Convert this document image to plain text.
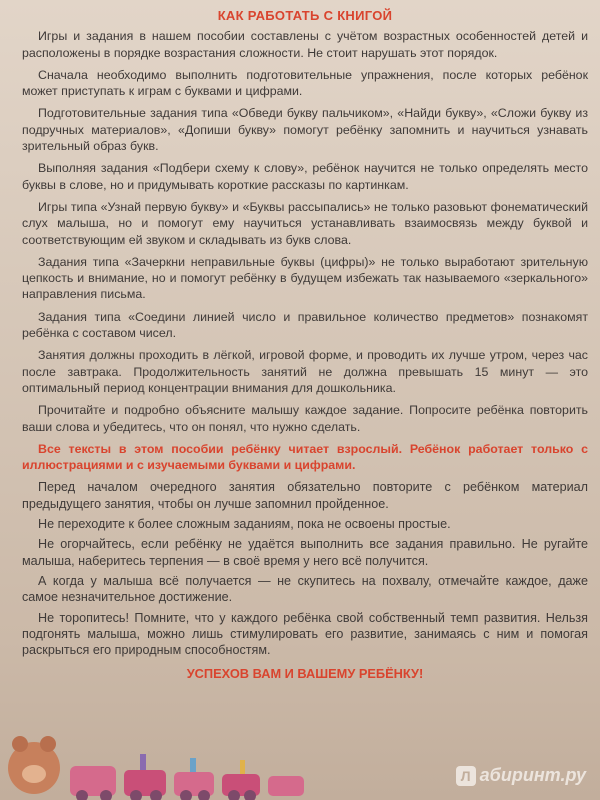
КАК РАБОТАТЬ С КНИГОЙ

Игры и задания в нашем пособии составлены с учётом возрастных особенностей детей и расположены в порядке возрастания сложности. Не стоит нарушать этот порядок.

Сначала необходимо выполнить подготовительные упражнения, после которых ребёнок может приступать к играм с буквами и цифрами.

Подготовительные задания типа «Обведи букву пальчиком», «Найди букву», «Сложи букву из подручных материалов», «Допиши букву» помогут ребёнку запомнить и научиться узнавать зрительный образ букв.

Выполняя задания «Подбери схему к слову», ребёнок научится не только определять место буквы в слове, но и придумывать короткие рассказы по картинкам.

Игры типа «Узнай первую букву» и «Буквы рассыпались» не только разовьют фонематический слух малыша, но и помогут ему научиться устанавливать взаимосвязь между буквой и соответствующим ей звуком и складывать из букв слова.

Задания типа «Зачеркни неправильные буквы (цифры)» не только выработают зрительную цепкость и внимание, но и помогут ребёнку в будущем избежать так называемого «зеркального» направления письма.

Задания типа «Соедини линией число и правильное количество предметов» познакомят ребёнка с составом чисел.

Занятия должны проходить в лёгкой, игровой форме, и проводить их лучше утром, через час после завтрака. Продолжительность занятий не должна превышать 15 минут — это оптимальный период концентрации внимания для дошкольника.

Прочитайте и подробно объясните малышу каждое задание. Попросите ребёнка повторить ваши слова и убедитесь, что он понял, что нужно сделать.

Все тексты в этом пособии ребёнку читает взрослый. Ребёнок работает только с иллюстрациями и с изучаемыми буквами и цифрами.

Перед началом очередного занятия обязательно повторите с ребёнком материал предыдущего занятия, чтобы он лучше запомнил пройденное.

Не переходите к более сложным заданиям, пока не освоены простые.

Не огорчайтесь, если ребёнку не удаётся выполнить все задания правильно. Не ругайте малыша, наберитесь терпения — в своё время у него всё получится.

А когда у малыша всё получается — не скупитесь на похвалу, отмечайте каждое, даже самое незначительное достижение.

Не торопитесь! Помните, что у каждого ребёнка свой собственный темп развития. Нельзя подгонять малыша, можно лишь стимулировать его развитие, занимаясь с ним и помогая раскрыться его природным способностям.

УСПЕХОВ ВАМ И ВАШЕМУ РЕБЁНКУ!
Л абиринт.ру
